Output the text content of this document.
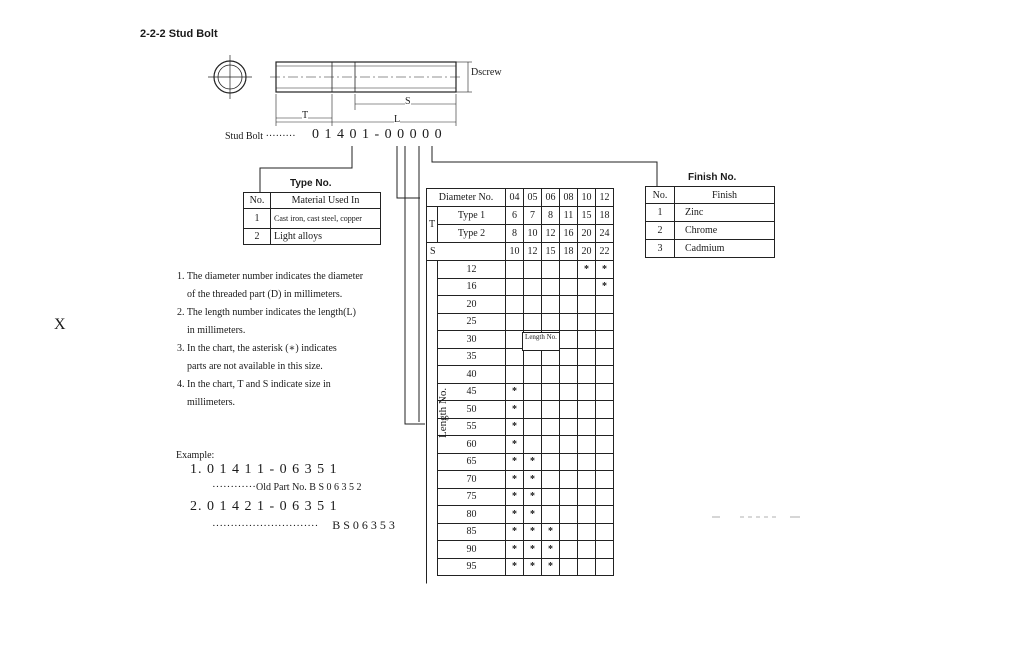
2-2-2 Stud Bolt
X
Dscrew
S
T	L
Stud Bolt ········· 0 1 4 0 1 - 0 0 0 0 0
Type No.
No.	Material Used In
1	Cast iron, cast steel, copper
2	Light alloys
Finish No.
No.	Finish
1	Zinc
2	Chrome
3	Cadmium
Diameter No.		04	05	06	08	10	12
T	Type 1	6	7	8	11	15	18
	Type 2	8	10	12	16	20	24
S		10	12	15	18	20	22
	12					*	*
	16						*
	20						
	25						
	30						
	35						
	40						
	45	*					
	50	*					
	55	*					
	60	*					
	65	*	*				
	70	*	*				
	75	*	*				
	80	*	*				
	85	*	*	*			
	90	*	*	*			
	95	*	*	*			
Length No.
Length No.

1. The diameter number indicates the diameter

of the threaded part (D) in millimeters.

2. The length number indicates the length(L)

in millimeters.

3. In the chart, the asterisk (∗) indicates

parts are not available in this size.

4. In the chart, T and S indicate size in

millimeters.

Example:
1. 0 1 4 1 1 - 0 6 3 5 1
············Old Part No. B S 0 6 3 5 2
2. 0 1 4 2 1 - 0 6 3 5 1
····························· B S 0 6 3 5 3
